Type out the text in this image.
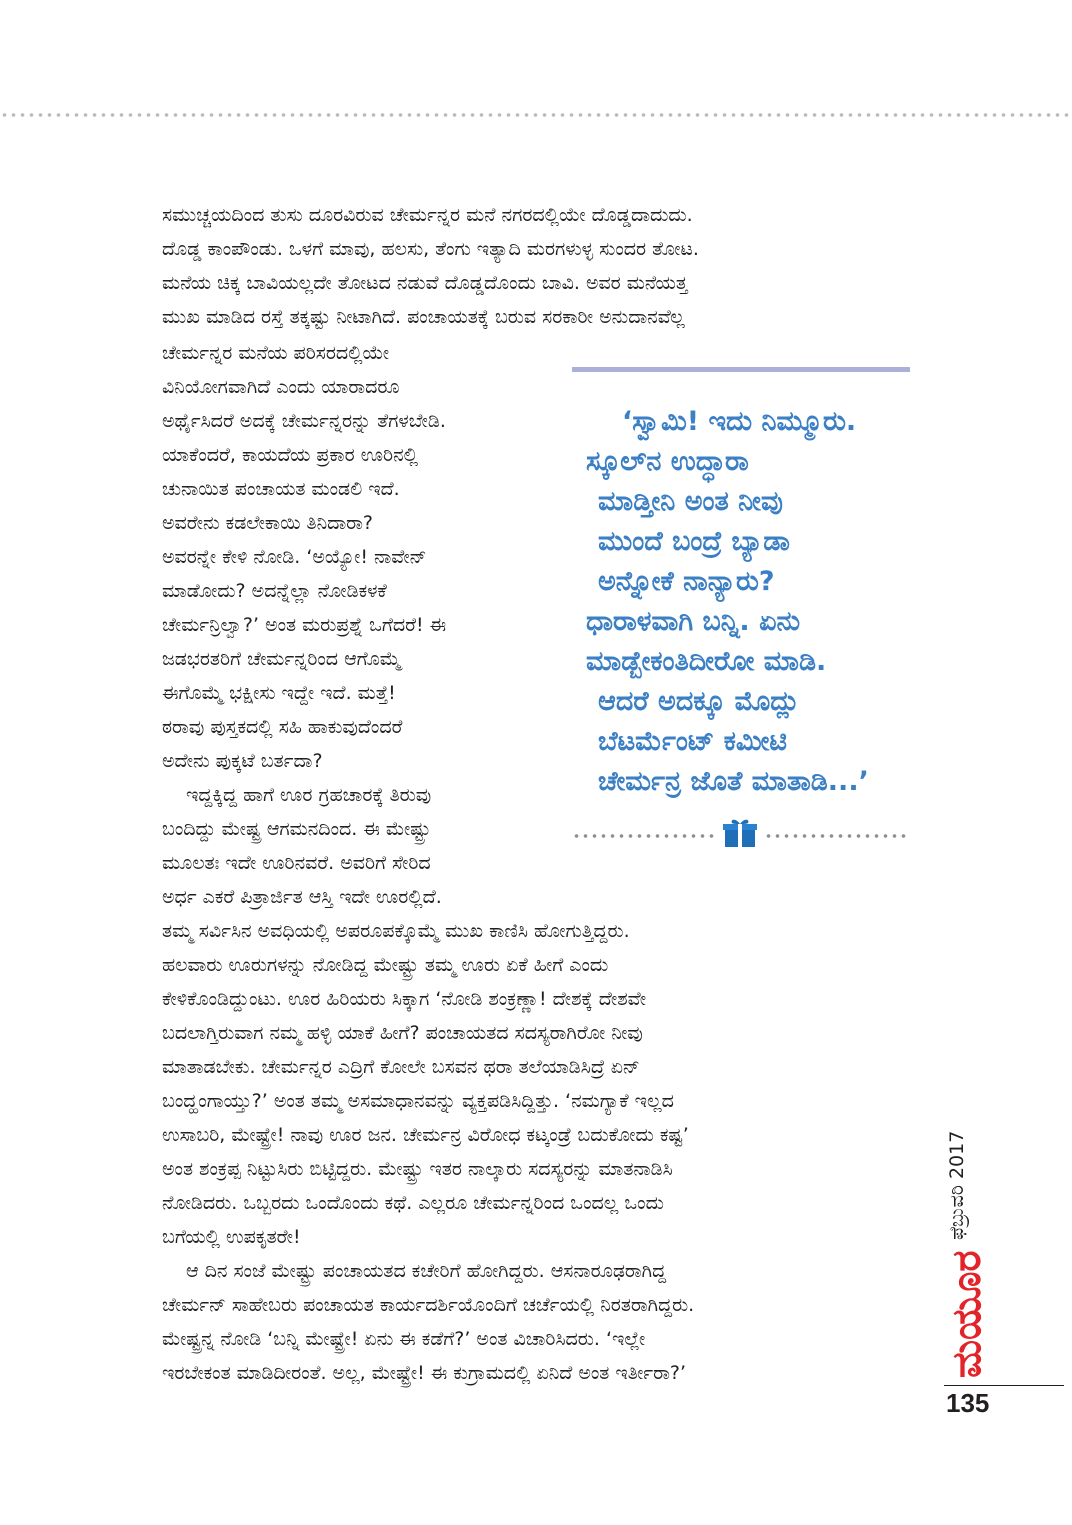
ಸಮುಚ್ಚಯದಿಂದ ತುಸು ದೂರವಿರುವ ಚೇರ್ಮನ್ನರ ಮನೆ ನಗರದಲ್ಲಿಯೇ ದೊಡ್ಡದಾದುದು.
ದೊಡ್ಡ ಕಾಂಪೌಂಡು. ಒಳಗೆ ಮಾವು, ಹಲಸು, ತೆಂಗು ಇತ್ಯಾದಿ ಮರಗಳುಳ್ಳ ಸುಂದರ ತೋಟ.
ಮನೆಯ ಚಿಕ್ಕ ಬಾವಿಯಲ್ಲದೇ ತೋಟದ ನಡುವೆ ದೊಡ್ಡದೊಂದು ಬಾವಿ. ಅವರ ಮನೆಯತ್ತ
ಮುಖ ಮಾಡಿದ ರಸ್ತೆ ತಕ್ಕಷ್ಟು ನೀಟಾಗಿದೆ. ಪಂಚಾಯತಕ್ಕೆ ಬರುವ ಸರಕಾರೀ ಅನುದಾನವೆಲ್ಲ
ಚೇರ್ಮನ್ನರ ಮನೆಯ ಪರಿಸರದಲ್ಲಿಯೇ
ವಿನಿಯೋಗವಾಗಿದೆ ಎಂದು ಯಾರಾದರೂ
ಅರ್ಥೈಸಿದರೆ ಅದಕ್ಕೆ ಚೇರ್ಮನ್ನರನ್ನು ತೆಗಳಬೇಡಿ.
ಯಾಕೆಂದರೆ, ಕಾಯದೆಯ ಪ್ರಕಾರ ಊರಿನಲ್ಲಿ
ಚುನಾಯಿತ ಪಂಚಾಯತ ಮಂಡಲಿ ಇದೆ.
ಅವರೇನು ಕಡಲೇಕಾಯಿ ತಿನಿದಾರಾ?
ಅವರನ್ನೇ ಕೇಳಿ ನೋಡಿ. ‘ಅಯ್ಯೋ! ನಾವೇನ್
ಮಾಡೋದು? ಅದನ್ನೆಲ್ಲಾ ನೋಡಿಕಳಕೆ
ಚೇರ್ಮನ್ರಿಲ್ವಾ?’ ಅಂತ ಮರುಪ್ರಶ್ನೆ ಒಗೆದರೆ! ಈ
ಜಡಭರತರಿಗೆ ಚೇರ್ಮನ್ನರಿಂದ ಆಗೊಮ್ಮೆ
ಈಗೊಮ್ಮೆ ಭಕ್ಷೀಸು ಇದ್ದೇ ಇದೆ. ಮತ್ತೆ!
ಠರಾವು ಪುಸ್ತಕದಲ್ಲಿ ಸಹಿ ಹಾಕುವುದೆಂದರೆ
ಅದೇನು ಪುಕ್ಕಟೆ ಬರ್ತದಾ?
ಇದ್ದಕ್ಕಿದ್ದ ಹಾಗೆ ಊರ ಗ್ರಹಚಾರಕ್ಕೆ ತಿರುವು
ಬಂದಿದ್ದು ಮೇಷ್ಟ್ರ ಆಗಮನದಿಂದ. ಈ ಮೇಷ್ಟ್ರು
ಮೂಲತಃ ಇದೇ ಊರಿನವರೆ. ಅವರಿಗೆ ಸೇರಿದ
ಅರ್ಧ ಎಕರೆ ಪಿತ್ರಾರ್ಜಿತ ಆಸ್ತಿ ಇದೇ ಊರಲ್ಲಿದೆ.
‘ಸ್ವಾಮಿ! ಇದು ನಿಮ್ಮೂರು.
ಸ್ಕೂಲ್‌ನ ಉದ್ಧಾರಾ
ಮಾಡ್ತೀನಿ ಅಂತ ನೀವು
ಮುಂದೆ ಬಂದ್ರೆ ಬ್ಯಾಡಾ
ಅನ್ನೋಕೆ ನಾನ್ಯಾರು?
ಧಾರಾಳವಾಗಿ ಬನ್ನಿ. ಏನು
ಮಾಡ್ಬೇಕಂತಿದೀರೋ ಮಾಡಿ.
ಆದರೆ ಅದಕ್ಕೂ ಮೊದ್ಲು
ಬೆಟರ್ಮೆಂಟ್ ಕಮೀಟಿ
ಚೇರ್ಮನ್ರ ಜೊತೆ ಮಾತಾಡಿ...’
ತಮ್ಮ ಸರ್ವಿಸಿನ ಅವಧಿಯಲ್ಲಿ ಅಪರೂಪಕ್ಕೊಮ್ಮೆ ಮುಖ ಕಾಣಿಸಿ ಹೋಗುತ್ತಿದ್ದರು.
ಹಲವಾರು ಊರುಗಳನ್ನು ನೋಡಿದ್ದ ಮೇಷ್ಟ್ರು ತಮ್ಮ ಊರು ಏಕೆ ಹೀಗೆ ಎಂದು
ಕೇಳಿಕೊಂಡಿದ್ದುಂಟು. ಊರ ಹಿರಿಯರು ಸಿಕ್ಕಾಗ ‘ನೋಡಿ ಶಂಕ್ರಣ್ಣಾ! ದೇಶಕ್ಕೆ ದೇಶವೇ
ಬದಲಾಗ್ತಿರುವಾಗ ನಮ್ಮ ಹಳ್ಳಿ ಯಾಕೆ ಹೀಗೆ? ಪಂಚಾಯತದ ಸದಸ್ಯರಾಗಿರೋ ನೀವು
ಮಾತಾಡಬೇಕು. ಚೇರ್ಮನ್ನರ ಎದ್ರಿಗೆ ಕೋಲೇ ಬಸವನ ಥರಾ ತಲೆಯಾಡಿಸಿದ್ರೆ ಏನ್
ಬಂದ್ಹಂಗಾಯ್ತು?’ ಅಂತ ತಮ್ಮ ಅಸಮಾಧಾನವನ್ನು ವ್ಯಕ್ತಪಡಿಸಿದ್ದಿತ್ತು. ‘ನಮಗ್ಯಾಕೆ ಇಲ್ಲದ
ಉಸಾಬರಿ, ಮೇಷ್ಟ್ರೇ! ನಾವು ಊರ ಜನ. ಚೇರ್ಮನ್ರ ವಿರೋಧ ಕಟ್ಕಂಡ್ರೆ ಬದುಕೋದು ಕಷ್ಟ’
ಅಂತ ಶಂಕ್ರಪ್ಪ ನಿಟ್ಟುಸಿರು ಬಿಟ್ಟಿದ್ದರು. ಮೇಷ್ಟ್ರು ಇತರ ನಾಲ್ಕಾರು ಸದಸ್ಯರನ್ನು ಮಾತನಾಡಿಸಿ
ನೋಡಿದರು. ಒಬ್ಬರದು ಒಂದೊಂದು ಕಥೆ. ಎಲ್ಲರೂ ಚೇರ್ಮನ್ನರಿಂದ ಒಂದಲ್ಲ ಒಂದು
ಬಗೆಯಲ್ಲಿ ಉಪಕೃತರೇ!
ಆ ದಿನ ಸಂಜೆ ಮೇಷ್ಟ್ರು ಪಂಚಾಯತದ ಕಚೇರಿಗೆ ಹೋಗಿದ್ದರು. ಆಸನಾರೂಢರಾಗಿದ್ದ
ಚೇರ್ಮನ್ ಸಾಹೇಬರು ಪಂಚಾಯತ ಕಾರ್ಯದರ್ಶಿಯೊಂದಿಗೆ ಚರ್ಚೆಯಲ್ಲಿ ನಿರತರಾಗಿದ್ದರು.
ಮೇಷ್ಟ್ರನ್ನ ನೋಡಿ ‘ಬನ್ನಿ ಮೇಷ್ಟ್ರೇ! ಏನು ಈ ಕಡೆಗೆ?’ ಅಂತ ವಿಚಾರಿಸಿದರು. ‘ಇಲ್ಲೇ
ಇರಬೇಕಂತ ಮಾಡಿದೀರಂತೆ. ಅಲ್ಲ, ಮೇಷ್ಟ್ರೇ! ಈ ಕುಗ್ರಾಮದಲ್ಲಿ ಏನಿದೆ ಅಂತ ಇರ್ತೀರಾ?’
ಫೆಬ್ರುವರಿ 2017
ಮಯೂರ
135
